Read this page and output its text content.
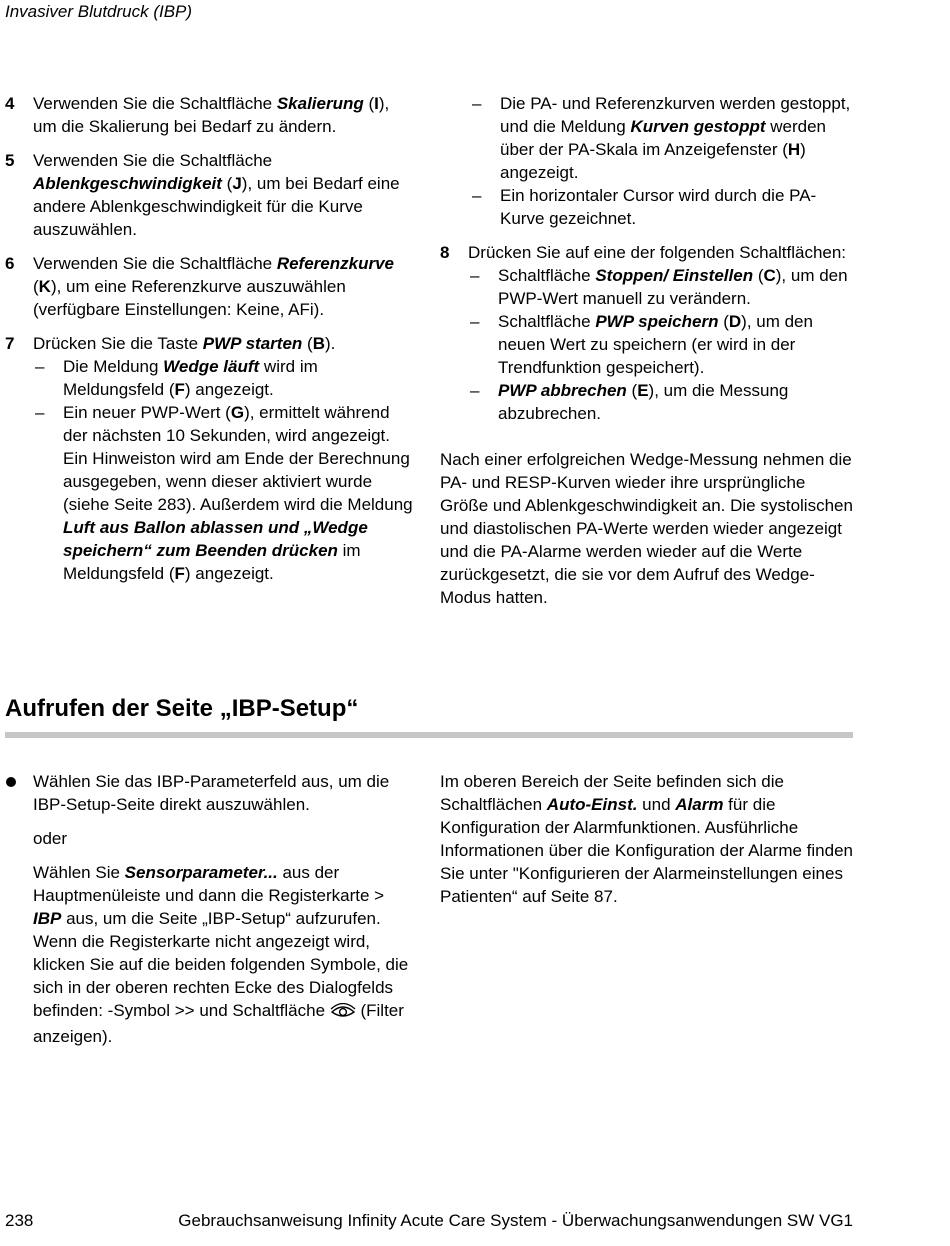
Invasiver Blutdruck (IBP)
4	Verwenden Sie die Schaltfläche Skalierung (I), um die Skalierung bei Bedarf zu ändern.
5	Verwenden Sie die Schaltfläche Ablenkgeschwindigkeit (J), um bei Bedarf eine andere Ablenkgeschwindigkeit für die Kurve auszuwählen.
6	Verwenden Sie die Schaltfläche Referenzkurve (K), um eine Referenzkurve auszuwählen (verfügbare Einstellungen: Keine, AFi).
7	Drücken Sie die Taste PWP starten (B).
–	Die Meldung Wedge läuft wird im Meldungsfeld (F) angezeigt.
–	Ein neuer PWP-Wert (G), ermittelt während der nächsten 10 Sekunden, wird angezeigt. Ein Hinweiston wird am Ende der Berechnung ausgegeben, wenn dieser aktiviert wurde (siehe Seite 283). Außerdem wird die Meldung Luft aus Ballon ablassen und „Wedge speichern“ zum Beenden drücken im Meldungsfeld (F) angezeigt.
–	Die PA- und Referenzkurven werden gestoppt, und die Meldung Kurven gestoppt werden über der PA-Skala im Anzeigefenster (H) angezeigt.
–	Ein horizontaler Cursor wird durch die PA-Kurve gezeichnet.
8	Drücken Sie auf eine der folgenden Schaltflächen:
–	Schaltfläche Stoppen/ Einstellen (C), um den PWP-Wert manuell zu verändern.
–	Schaltfläche PWP speichern (D), um den neuen Wert zu speichern (er wird in der Trendfunktion gespeichert).
–	PWP abbrechen (E), um die Messung abzubrechen.
Nach einer erfolgreichen Wedge-Messung nehmen die PA- und RESP-Kurven wieder ihre ursprüngliche Größe und Ablenkgeschwindigkeit an. Die systolischen und diastolischen PA-Werte werden wieder angezeigt und die PA-Alarme werden wieder auf die Werte zurückgesetzt, die sie vor dem Aufruf des Wedge-Modus hatten.
Aufrufen der Seite „IBP-Setup“
Wählen Sie das IBP-Parameterfeld aus, um die IBP-Setup-Seite direkt auszuwählen.
oder
Wählen Sie Sensorparameter... aus der Hauptmenüleiste und dann die Registerkarte > IBP aus, um die Seite „IBP-Setup“ aufzurufen. Wenn die Registerkarte nicht angezeigt wird, klicken Sie auf die beiden folgenden Symbole, die sich in der oberen rechten Ecke des Dialogfelds befinden: -Symbol >> und Schaltfläche  (Filter anzeigen).
Im oberen Bereich der Seite befinden sich die Schaltflächen Auto-Einst. und Alarm für die Konfiguration der Alarmfunktionen. Ausführliche Informationen über die Konfiguration der Alarme finden Sie unter "Konfigurieren der Alarmeinstellungen eines Patienten“ auf Seite 87.
238	Gebrauchsanweisung Infinity Acute Care System - Überwachungsanwendungen SW VG1
